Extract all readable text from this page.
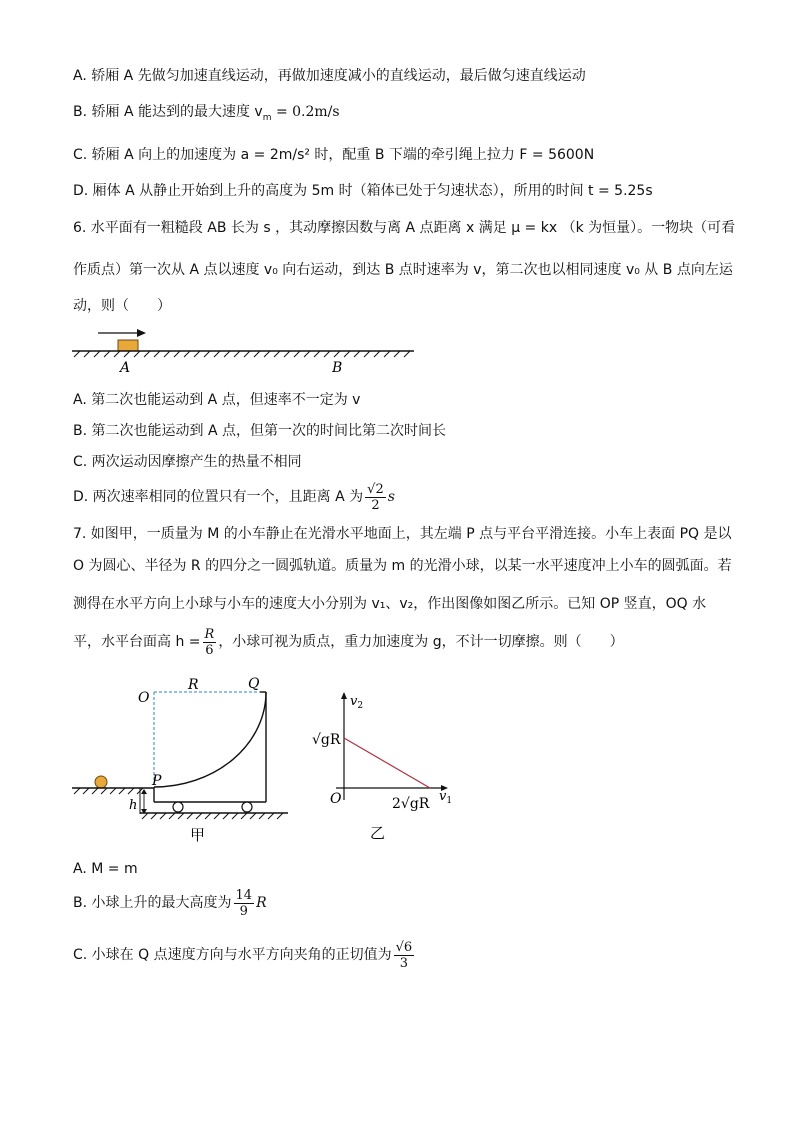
A. 轿厢 A 先做匀加速直线运动，再做加速度减小的直线运动，最后做匀速直线运动
B. 轿厢 A 能达到的最大速度 $v_m = 0.2m/s$
C. 轿厢 A 向上的加速度为 a = 2m/s² 时，配重 B 下端的牵引绳上拉力 F = 5600N
D. 厢体 A 从静止开始到上升的高度为 5m 时（箱体已处于匀速状态），所用的时间 t = 5.25s
6. 水平面有一粗糙段 AB 长为 s ，其动摩擦因数与离 A 点距离 x 满足 μ = kx （k 为恒量）。一物块（可看
作质点）第一次从 A 点以速度 v₀ 向右运动，到达 B 点时速率为 v，第二次也以相同速度 v₀ 从 B 点向左运
动，则（　　）
A	B
A. 第二次也能运动到 A 点，但速率不一定为 v
B. 第二次也能运动到 A 点，但第一次的时间比第二次时间长
C. 两次运动因摩擦产生的热量不相同
D. 两次速率相同的位置只有一个，且距离 A 为 $\frac{√2}{2}$ s
7. 如图甲，一质量为 M 的小车静止在光滑水平地面上，其左端 P 点与平台平滑连接。小车上表面 PQ 是以
O 为圆心、半径为 R 的四分之一圆弧轨道。质量为 m 的光滑小球，以某一水平速度冲上小车的圆弧面。若
测得在水平方向上小球与小车的速度大小分别为 v₁、v₂，作出图像如图乙所示。已知 OP 竖直，OQ 水
平，水平台面高 $h = \frac{R}{6}$ ，小球可视为质点，重力加速度为 g，不计一切摩擦。则（　　）
O
R	Q
P
h
甲
$v_2$
$v_1$
O
√gR
2√gR
乙
A. M = m
B. 小球上升的最大高度为 $\frac{14}{9}$ R
C. 小球在 Q 点速度方向与水平方向夹角的正切值为 $\frac{√6}{3}$
